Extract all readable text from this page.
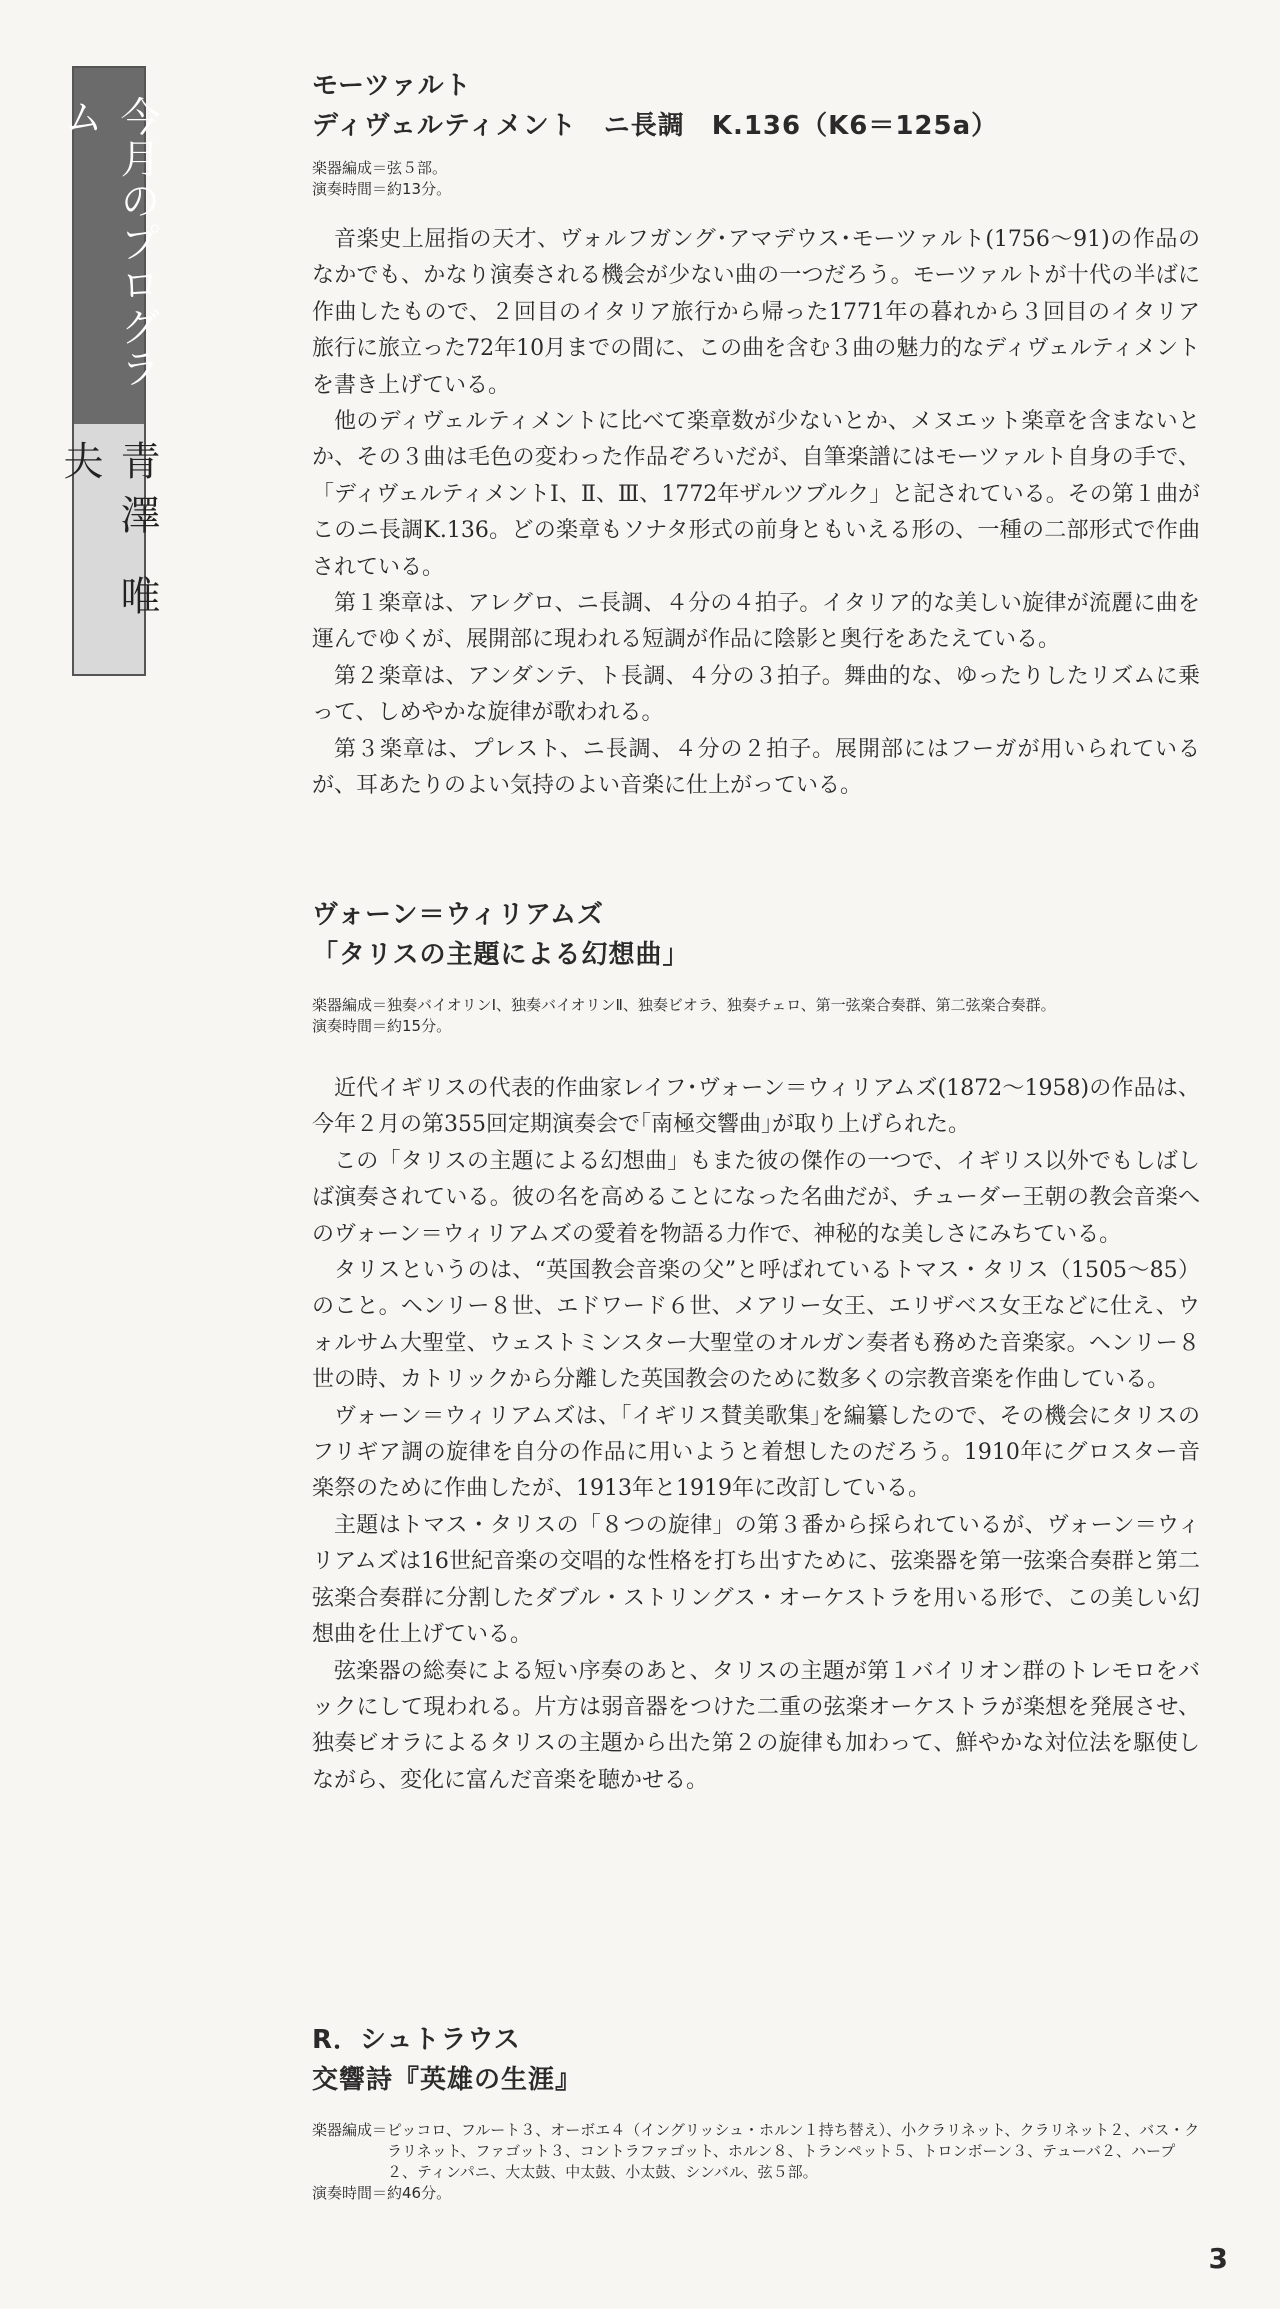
今月のプログラム
青澤 唯夫
モーツァルト
ディヴェルティメント　ニ長調　K.136（K6＝125a）
楽器編成＝ 弦５部。
演奏時間＝ 約13分。

音楽史上屈指の天才、ヴォルフガング･アマデウス･モーツァルト(1756～91)の作品のなかでも、かなり演奏される機会が少ない曲の一つだろう。モーツァルトが十代の半ばに作曲したもので、２回目のイタリア旅行から帰った1771年の暮れから３回目のイタリア旅行に旅立った72年10月までの間に、この曲を含む３曲の魅力的なディヴェルティメントを書き上げている。

他のディヴェルティメントに比べて楽章数が少ないとか、メヌエット楽章を含まないとか、その３曲は毛色の変わった作品ぞろいだが、自筆楽譜にはモーツァルト自身の手で、「ディヴェルティメントⅠ、Ⅱ、Ⅲ、1772年ザルツブルク」と記されている。その第１曲がこのニ長調K.136。どの楽章もソナタ形式の前身ともいえる形の、一種の二部形式で作曲されている。

第１楽章は、アレグロ、ニ長調、４分の４拍子。イタリア的な美しい旋律が流麗に曲を運んでゆくが、展開部に現われる短調が作品に陰影と奥行をあたえている。

第２楽章は、アンダンテ、ト長調、４分の３拍子。舞曲的な、ゆったりしたリズムに乗って、しめやかな旋律が歌われる。

第３楽章は、プレスト、ニ長調、４分の２拍子。展開部にはフーガが用いられているが、耳あたりのよい気持のよい音楽に仕上がっている。

ヴォーン＝ウィリアムズ
「タリスの主題による幻想曲」
楽器編成＝ 独奏バイオリンⅠ、独奏バイオリンⅡ、独奏ビオラ、独奏チェロ、第一弦楽合奏群、第二弦楽合奏群。
演奏時間＝ 約15分。

近代イギリスの代表的作曲家レイフ･ヴォーン＝ウィリアムズ(1872～1958)の作品は、今年２月の第355回定期演奏会で｢南極交響曲｣が取り上げられた。

この「タリスの主題による幻想曲」もまた彼の傑作の一つで、イギリス以外でもしばしば演奏されている。彼の名を高めることになった名曲だが、チューダー王朝の教会音楽へのヴォーン＝ウィリアムズの愛着を物語る力作で、神秘的な美しさにみちている。

タリスというのは、“英国教会音楽の父”と呼ばれているトマス・タリス（1505～85）のこと。ヘンリー８世、エドワード６世、メアリー女王、エリザベス女王などに仕え、ウォルサム大聖堂、ウェストミンスター大聖堂のオルガン奏者も務めた音楽家。ヘンリー８世の時、カトリックから分離した英国教会のために数多くの宗教音楽を作曲している。

ヴォーン＝ウィリアムズは、｢イギリス賛美歌集｣を編纂したので、その機会にタリスのフリギア調の旋律を自分の作品に用いようと着想したのだろう。1910年にグロスター音楽祭のために作曲したが、1913年と1919年に改訂している。

主題はトマス・タリスの「８つの旋律」の第３番から採られているが、ヴォーン＝ウィリアムズは16世紀音楽の交唱的な性格を打ち出すために、弦楽器を第一弦楽合奏群と第二弦楽合奏群に分割したダブル・ストリングス・オーケストラを用いる形で、この美しい幻想曲を仕上げている。

弦楽器の総奏による短い序奏のあと、タリスの主題が第１バイリオン群のトレモロをバックにして現われる。片方は弱音器をつけた二重の弦楽オーケストラが楽想を発展させ、独奏ビオラによるタリスの主題から出た第２の旋律も加わって、鮮やかな対位法を駆使しながら、変化に富んだ音楽を聴かせる。

R．シュトラウス
交響詩『英雄の生涯』
楽器編成＝ ピッコロ、フルート３、オーボエ４（イングリッシュ・ホルン１持ち替え）、小クラリネット、クラリネット２、バス・クラリネット、ファゴット３、コントラファゴット、ホルン８、トランペット５、トロンボーン３、テューバ２、ハープ２、ティンパニ、大太鼓、中太鼓、小太鼓、シンバル、弦５部。
演奏時間＝ 約46分。
3
